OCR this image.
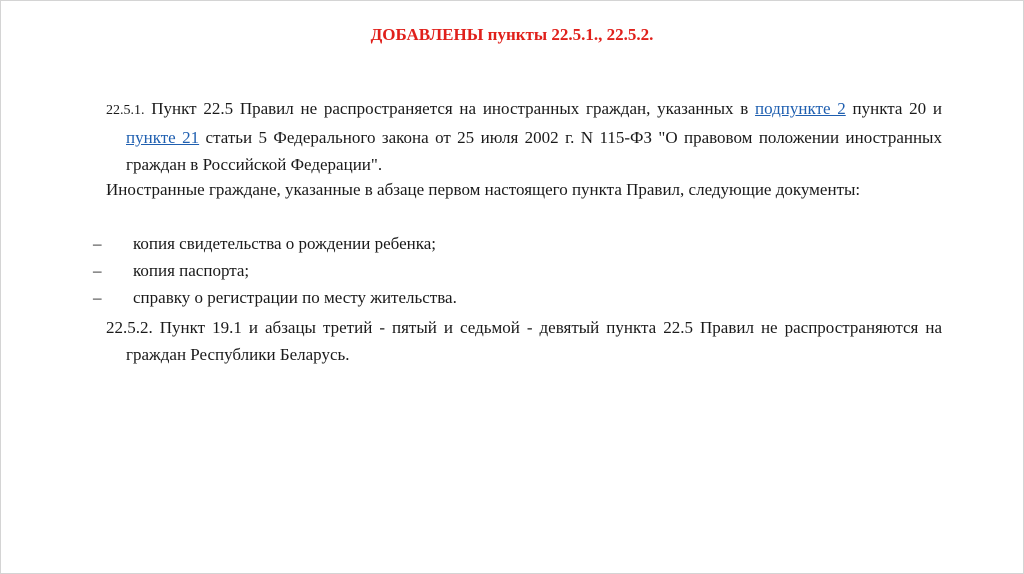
ДОБАВЛЕНЫ пункты 22.5.1., 22.5.2.
22.5.1. Пункт 22.5 Правил не распространяется на иностранных граждан, указанных в подпункте 2 пункта 20 и пункте 21 статьи 5 Федерального закона от 25 июля 2002 г. N 115-ФЗ "О правовом положении иностранных граждан в Российской Федерации".
Иностранные граждане, указанные в абзаце первом настоящего пункта Правил, следующие документы:
– копия свидетельства о рождении ребенка;
– копия паспорта;
– справку о регистрации по месту жительства.
22.5.2. Пункт 19.1 и абзацы третий - пятый и седьмой - девятый пункта 22.5 Правил не распространяются на граждан Республики Беларусь.
